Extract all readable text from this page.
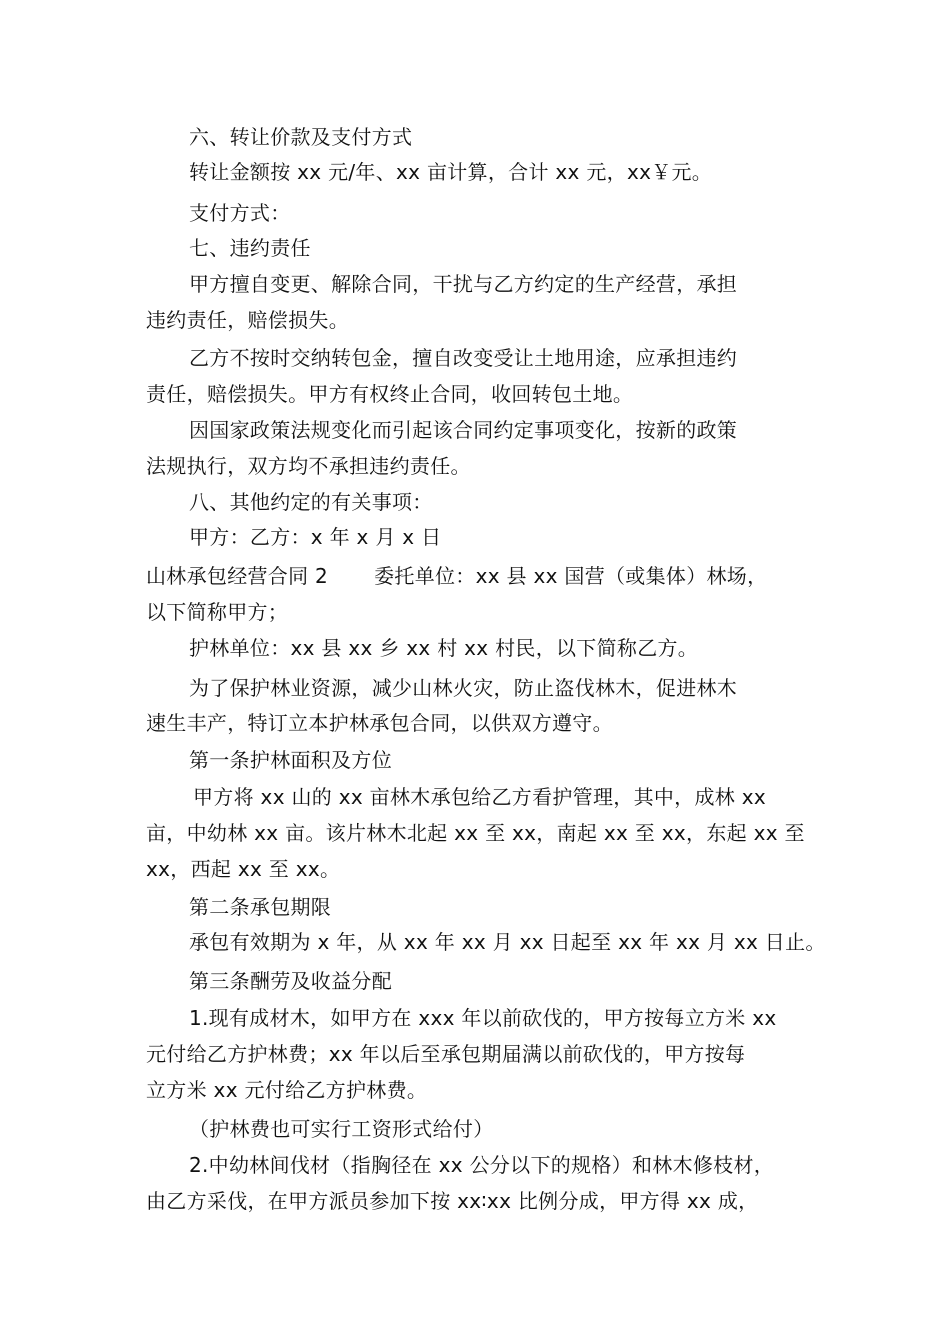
六、转让价款及支付方式
转让金额按 xx 元/年、xx 亩计算，合计 xx 元，xx￥元。
支付方式：
七、违约责任
甲方擅自变更、解除合同，干扰与乙方约定的生产经营，承担
违约责任，赔偿损失。
乙方不按时交纳转包金，擅自改变受让土地用途，应承担违约
责任，赔偿损失。甲方有权终止合同，收回转包土地。
因国家政策法规变化而引起该合同约定事项变化，按新的政策
法规执行，双方均不承担违约责任。
八、其他约定的有关事项：
甲方：乙方：x 年 x 月 x 日
山林承包经营合同 2 委托单位：xx 县 xx 国营（或集体）林场，
以下简称甲方；
护林单位：xx 县 xx 乡 xx 村 xx 村民，以下简称乙方。
为了保护林业资源，减少山林火灾，防止盗伐林木，促进林木
速生丰产，特订立本护林承包合同，以供双方遵守。
第一条护林面积及方位
甲方将 xx 山的 xx 亩林木承包给乙方看护管理，其中，成林 xx
亩，中幼林 xx 亩。该片林木北起 xx 至 xx，南起 xx 至 xx，东起 xx 至
xx，西起 xx 至 xx。
第二条承包期限
承包有效期为 x 年，从 xx 年 xx 月 xx 日起至 xx 年 xx 月 xx 日止。
第三条酬劳及收益分配
1.现有成材木，如甲方在 xxx 年以前砍伐的，甲方按每立方米 xx
元付给乙方护林费；xx 年以后至承包期届满以前砍伐的，甲方按每
立方米 xx 元付给乙方护林费。
（护林费也可实行工资形式给付）
2.中幼林间伐材（指胸径在 xx 公分以下的规格）和林木修枝材，
由乙方采伐，在甲方派员参加下按 xx∶xx 比例分成，甲方得 xx 成，
